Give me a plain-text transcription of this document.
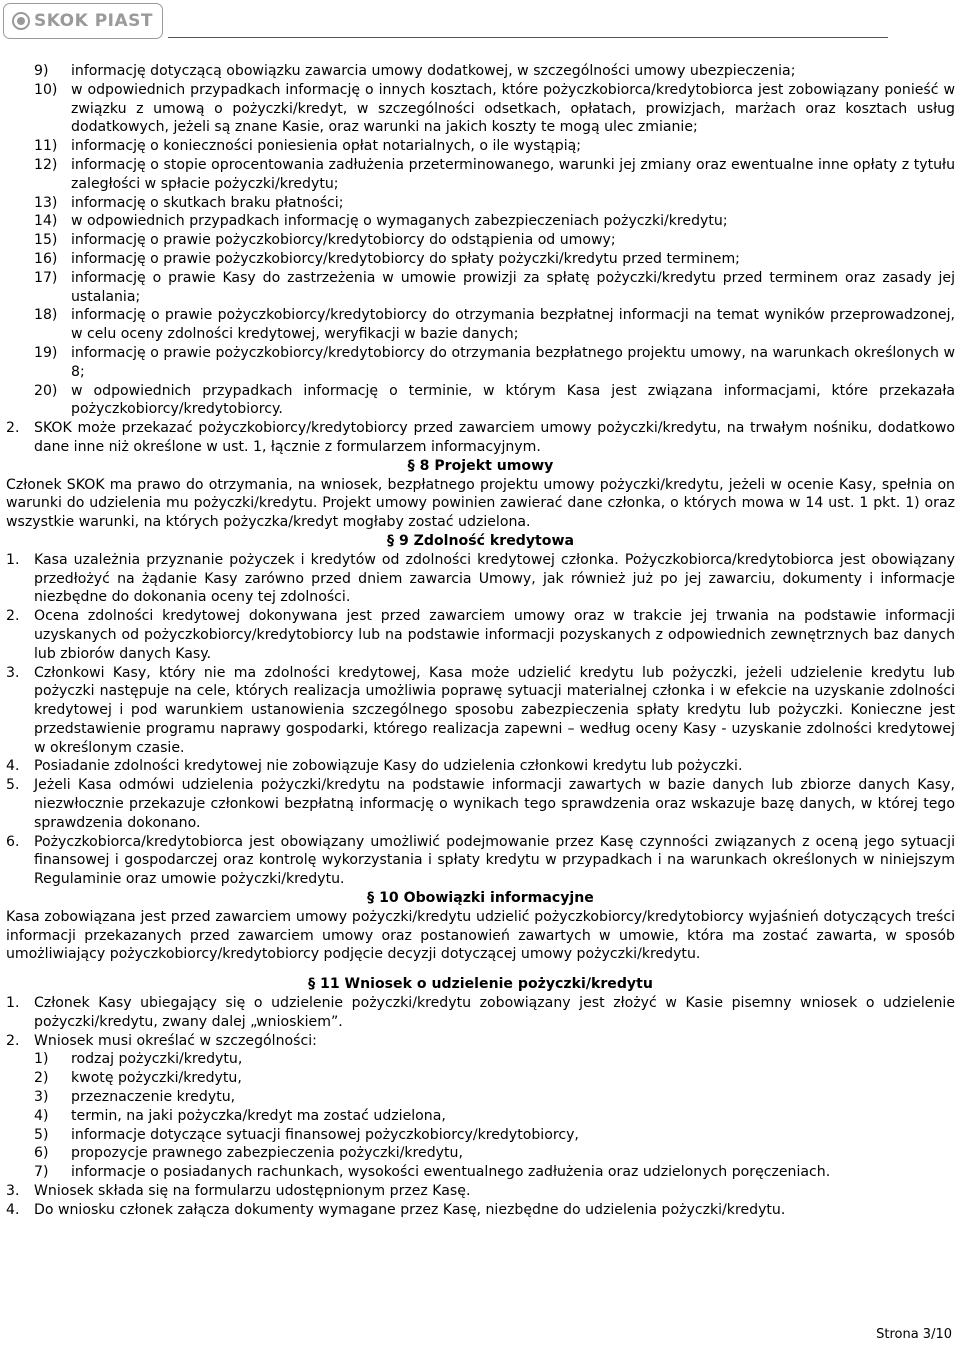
SKOK PIAST
9)	informację dotyczącą obowiązku zawarcia umowy dodatkowej, w szczególności umowy ubezpieczenia;
10) w odpowiednich przypadkach informację o innych kosztach, które pożyczkobiorca/kredytobiorca jest zobowiązany ponieść w związku z umową o pożyczki/kredyt, w szczególności odsetkach, opłatach, prowizjach, marżach oraz kosztach usług dodatkowych, jeżeli są znane Kasie, oraz warunki na jakich koszty te mogą ulec zmianie;
11) informację o konieczności poniesienia opłat notarialnych, o ile wystąpią;
12) informację o stopie oprocentowania zadłużenia przeterminowanego, warunki jej zmiany oraz ewentualne inne opłaty z tytułu zaległości w spłacie pożyczki/kredytu;
13) informację o skutkach braku płatności;
14) w odpowiednich przypadkach informację o wymaganych zabezpieczeniach pożyczki/kredytu;
15) informację o prawie pożyczkobiorcy/kredytobiorcy do odstąpienia od umowy;
16) informację o prawie pożyczkobiorcy/kredytobiorcy do spłaty pożyczki/kredytu przed terminem;
17) informację o prawie Kasy do zastrzeżenia w umowie prowizji za spłatę pożyczki/kredytu przed terminem oraz zasady jej ustalania;
18) informację o prawie pożyczkobiorcy/kredytobiorcy do otrzymania bezpłatnej informacji na temat wyników przeprowadzonej, w celu oceny zdolności kredytowej, weryfikacji w bazie danych;
19) informację o prawie pożyczkobiorcy/kredytobiorcy do otrzymania bezpłatnego projektu umowy, na warunkach określonych w 8;
20) w odpowiednich przypadkach informację o terminie, w którym Kasa jest związana informacjami, które przekazała pożyczkobiorcy/kredytobiorcy.
2.	SKOK może przekazać pożyczkobiorcy/kredytobiorcy przed zawarciem umowy pożyczki/kredytu, na trwałym nośniku, dodatkowo dane inne niż określone w ust. 1, łącznie z formularzem informacyjnym.

§ 8 Projekt umowy

Członek SKOK ma prawo do otrzymania, na wniosek, bezpłatnego projektu umowy pożyczki/kredytu, jeżeli w ocenie Kasy, spełnia on warunki do udzielenia mu pożyczki/kredytu. Projekt umowy powinien zawierać dane członka, o których mowa w 14 ust. 1 pkt. 1) oraz wszystkie warunki, na których pożyczka/kredyt mogłaby zostać udzielona.

§ 9 Zdolność kredytowa

1.	Kasa uzależnia przyznanie pożyczek i kredytów od zdolności kredytowej członka. Pożyczkobiorca/kredytobiorca jest obowiązany przedłożyć na żądanie Kasy zarówno przed dniem zawarcia Umowy, jak również już po jej zawarciu, dokumenty i informacje niezbędne do dokonania oceny tej zdolności.
2.	Ocena zdolności kredytowej dokonywana jest przed zawarciem umowy oraz w trakcie jej trwania na podstawie informacji uzyskanych od pożyczkobiorcy/kredytobiorcy lub na podstawie informacji pozyskanych z odpowiednich zewnętrznych baz danych lub zbiorów danych Kasy.
3.	Członkowi Kasy, który nie ma zdolności kredytowej, Kasa może udzielić kredytu lub pożyczki, jeżeli udzielenie kredytu lub pożyczki następuje na cele, których realizacja umożliwia poprawę sytuacji materialnej członka i w efekcie na uzyskanie zdolności kredytowej i pod warunkiem ustanowienia szczególnego sposobu zabezpieczenia spłaty kredytu lub pożyczki. Konieczne jest przedstawienie programu naprawy gospodarki, którego realizacja zapewni – według oceny Kasy - uzyskanie zdolności kredytowej w określonym czasie.
4.	Posiadanie zdolności kredytowej nie zobowiązuje Kasy do udzielenia członkowi kredytu lub pożyczki.
5.	Jeżeli Kasa odmówi udzielenia pożyczki/kredytu na podstawie informacji zawartych w bazie danych lub zbiorze danych Kasy, niezwłocznie przekazuje członkowi bezpłatną informację o wynikach tego sprawdzenia oraz wskazuje bazę danych, w której tego sprawdzenia dokonano.
6.	Pożyczkobiorca/kredytobiorca jest obowiązany umożliwić podejmowanie przez Kasę czynności związanych z oceną jego sytuacji finansowej i gospodarczej oraz kontrolę wykorzystania i spłaty kredytu w przypadkach i na warunkach określonych w niniejszym Regulaminie oraz umowie pożyczki/kredytu.

§ 10 Obowiązki informacyjne

Kasa zobowiązana jest przed zawarciem umowy pożyczki/kredytu udzielić pożyczkobiorcy/kredytobiorcy wyjaśnień dotyczących treści informacji przekazanych przed zawarciem umowy oraz postanowień zawartych w umowie, która ma zostać zawarta, w sposób umożliwiający pożyczkobiorcy/kredytobiorcy podjęcie decyzji dotyczącej umowy pożyczki/kredytu.

§ 11 Wniosek o udzielenie pożyczki/kredytu

1.	Członek Kasy ubiegający się o udzielenie pożyczki/kredytu zobowiązany jest złożyć w Kasie pisemny wniosek o udzielenie pożyczki/kredytu, zwany dalej „wnioskiem”.
2.	Wniosek musi określać w szczególności:
1)	rodzaj pożyczki/kredytu,
2)	kwotę pożyczki/kredytu,
3)	przeznaczenie kredytu,
4)	termin, na jaki pożyczka/kredyt ma zostać udzielona,
5)	informacje dotyczące sytuacji finansowej pożyczkobiorcy/kredytobiorcy,
6)	propozycje prawnego zabezpieczenia pożyczki/kredytu,
7)	informacje o posiadanych rachunkach, wysokości ewentualnego zadłużenia oraz udzielonych poręczeniach.
3.	Wniosek składa się na formularzu udostępnionym przez Kasę.
4.	Do wniosku członek załącza dokumenty wymagane przez Kasę, niezbędne do udzielenia pożyczki/kredytu.
Strona 3/10
